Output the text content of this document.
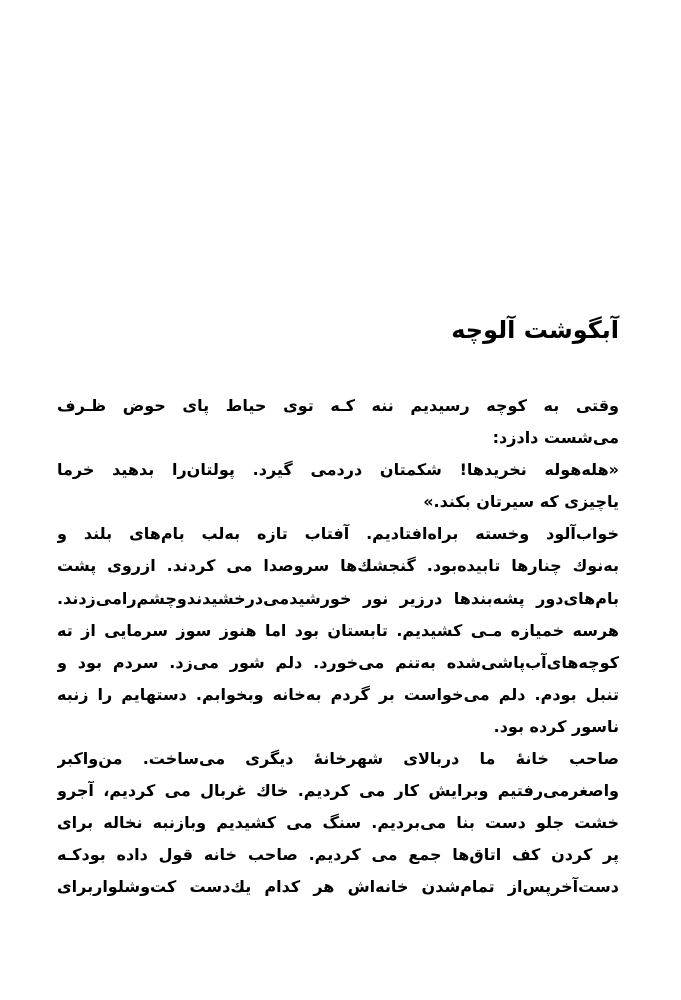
آبگوشت آلوچه
وقتی به کوچه رسیدیم ننه کـه توی حیاط پای حوض ظـرف
می‌شست دادزد:
«هله‌هوله نخریدها! شکمتان دردمی گیرد. پولتان‌را بدهید خرما
یاچیزی که سیرتان بکند.»
خواب‌آلود وخسته براه‌افتادیم. آفتاب تازه به‌لب بام‌های بلند و
به‌نوك چنارها تابیده‌بود. گنجشك‌ها سروصدا می کردند. ازروی پشت
بام‌های‌دور پشه‌بندها درزیر نور خورشیدمی‌درخشیدندوچشم‌رامی‌زدند.
هرسه خمیازه مـی کشیدیم. تابستان بود اما هنوز سوز سرمایی از ته
کوچه‌های‌آب‌پاشی‌شده به‌تنم می‌خورد. دلم شور می‌زد. سردم بود و
تنبل بودم. دلم می‌خواست بر گردم به‌خانه وبخوابم. دستهایم را زنبه
ناسور کرده بود.
صاحب خانهٔ ما دربالای شهرخانهٔ دیگری می‌ساخت. من‌واکبر
واصغرمی‌رفتیم وبرایش کار می کردیم. خاك غربال می کردیم، آجرو
خشت جلو دست بنا می‌بردیم. سنگ می کشیدیم وبازنبه نخاله برای
پر کردن کف اتاق‌ها جمع می کردیم. صاحب خانه قول داده بودکـه
دست‌آخرپس‌از تمام‌شدن خانه‌اش هر کدام یك‌دست کت‌وشلواربرای
